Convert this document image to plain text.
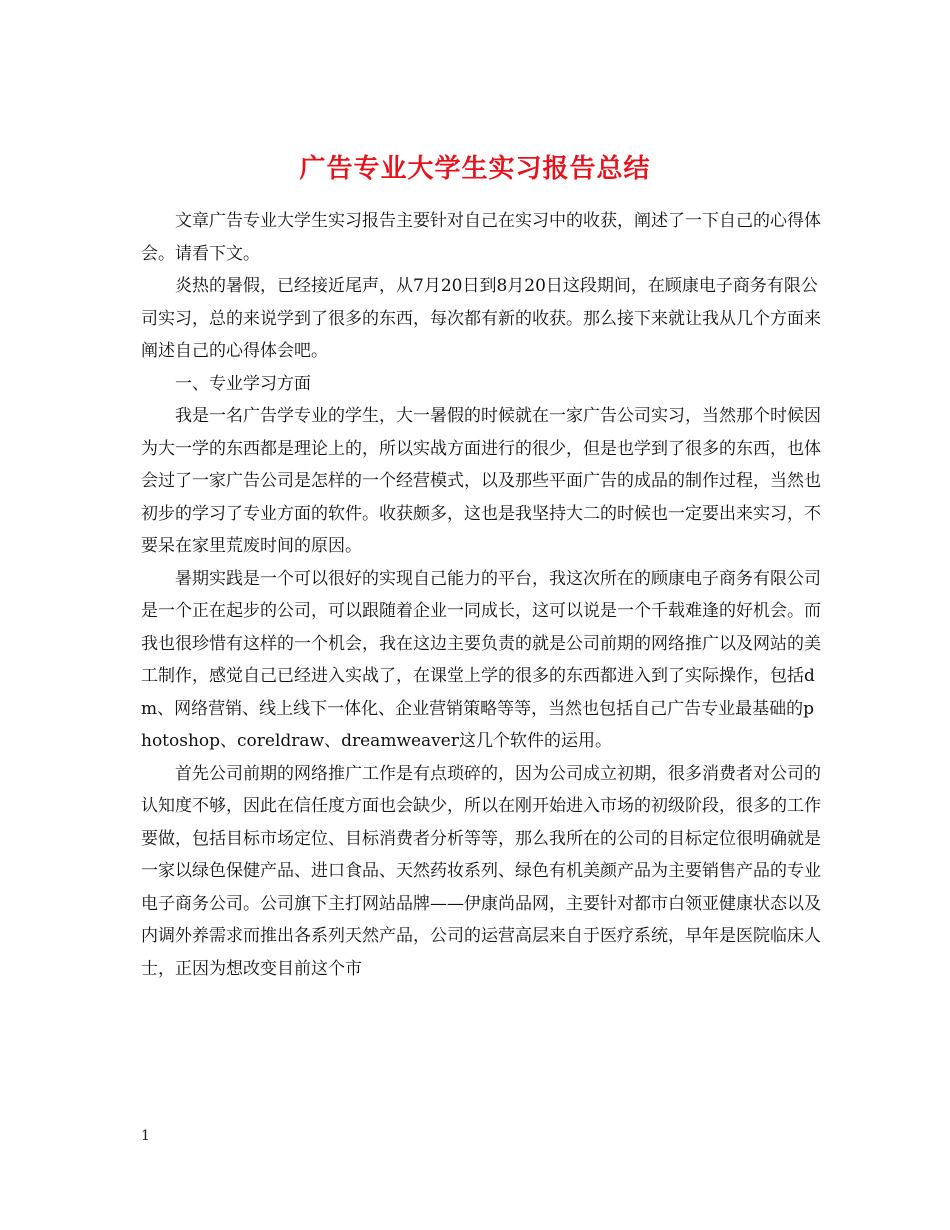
广告专业大学生实习报告总结

文章广告专业大学生实习报告主要针对自己在实习中的收获，阐述了一下自己的心得体会。请看下文。

炎热的暑假，已经接近尾声，从7月20日到8月20日这段期间，在顾康电子商务有限公司实习，总的来说学到了很多的东西，每次都有新的收获。那么接下来就让我从几个方面来阐述自己的心得体会吧。

一、专业学习方面

我是一名广告学专业的学生，大一暑假的时候就在一家广告公司实习，当然那个时候因为大一学的东西都是理论上的，所以实战方面进行的很少，但是也学到了很多的东西，也体会过了一家广告公司是怎样的一个经营模式，以及那些平面广告的成品的制作过程，当然也初步的学习了专业方面的软件。收获颇多，这也是我坚持大二的时候也一定要出来实习，不要呆在家里荒废时间的原因。

暑期实践是一个可以很好的实现自己能力的平台，我这次所在的顾康电子商务有限公司是一个正在起步的公司，可以跟随着企业一同成长，这可以说是一个千载难逢的好机会。而我也很珍惜有这样的一个机会，我在这边主要负责的就是公司前期的网络推广以及网站的美工制作，感觉自己已经进入实战了，在课堂上学的很多的东西都进入到了实际操作，包括dm、网络营销、线上线下一体化、企业营销策略等等，当然也包括自己广告专业最基础的photoshop、coreldraw、dreamweaver这几个软件的运用。

首先公司前期的网络推广工作是有点琐碎的，因为公司成立初期，很多消费者对公司的认知度不够，因此在信任度方面也会缺少，所以在刚开始进入市场的初级阶段，很多的工作要做，包括目标市场定位、目标消费者分析等等，那么我所在的公司的目标定位很明确就是一家以绿色保健产品、进口食品、天然药妆系列、绿色有机美颜产品为主要销售产品的专业电子商务公司。公司旗下主打网站品牌——伊康尚品网，主要针对都市白领亚健康状态以及内调外养需求而推出各系列天然产品，公司的运营高层来自于医疗系统，早年是医院临床人士，正因为想改变目前这个市

1
